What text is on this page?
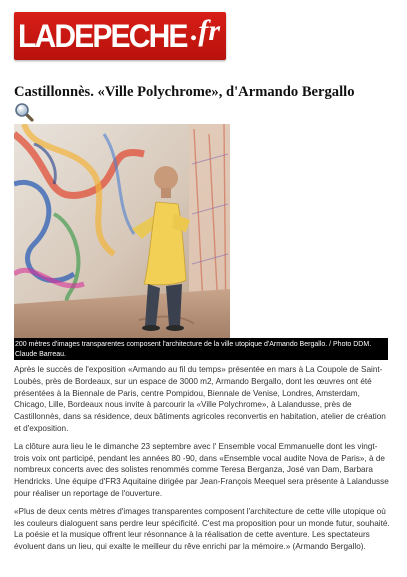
LADEPECHE .fr
Castillonnès. «Ville Polychrome», d'Armando Bergallo
200 mètres d'images transparentes composent l'architecture de la ville utopique d'Armando Bergallo. / Photo DDM. Claude Barreau.

Après le succès de l'exposition «Armando au fil du temps» présentée en mars à La Coupole de Saint-Loubès, près de Bordeaux, sur un espace de 3000 m2, Armando Bergallo, dont les œuvres ont été présentées à la Biennale de Paris, centre Pompidou, Biennale de Venise, Londres, Amsterdam, Chicago, Lille, Bordeaux nous invite à parcourir la «Ville Polychrome», à Lalandusse, près de Castillonnès, dans sa résidence, deux bâtiments agricoles reconvertis en habitation, atelier de création et d'exposition.

La clôture aura lieu le le dimanche 23 septembre avec l' Ensemble vocal Emmanuelle dont les vingt-trois voix ont participé, pendant les années 80 -90, dans «Ensemble vocal audite Nova de Paris», à de nombreux concerts avec des solistes renommés comme Teresa Berganza, José van Dam, Barbara Hendricks. Une équipe d'FR3 Aquitaine dirigée par Jean-François Meequel sera présente à Lalandusse pour réaliser un reportage de l'ouverture.

«Plus de deux cents mètres d'images transparentes composent l'architecture de cette ville utopique où les couleurs dialoguent sans perdre leur spécificité. C'est ma proposition pour un monde futur, souhaité. La poésie et la musique offrent leur résonnance à la réalisation de cette aventure. Les spectateurs évoluent dans un lieu, qui exalte le meilleur du rêve enrichi par la mémoire.» (Armando Bergallo).
